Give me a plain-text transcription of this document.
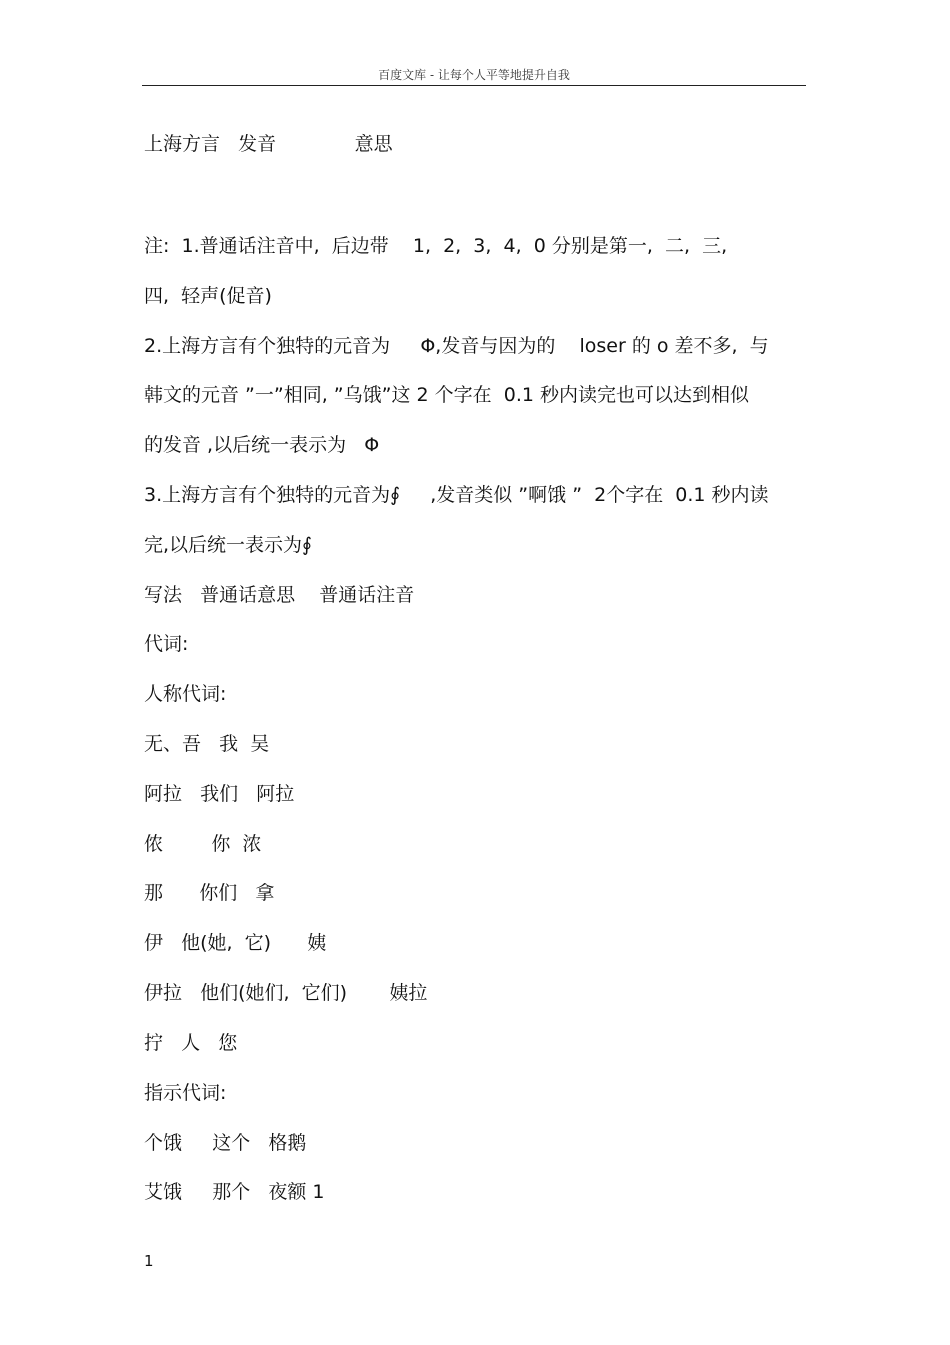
百度文库 - 让每个人平等地提升自我
上海方言   发音             意思
注:  1.普通话注音中,  后边带    1,  2,  3,  4,  0 分别是第一,  二,  三,
四,  轻声(促音)
2.上海方言有个独特的元音为     Φ,发音与因为的    loser 的 o 差不多,  与
韩文的元音 ”一”相同, ”乌饿”这 2 个字在  0.1 秒内读完也可以达到相似
的发音 ,以后统一表示为   Φ
3.上海方言有个独特的元音为∮     ,发音类似 ”啊饿 ”  2个字在  0.1 秒内读
完,以后统一表示为∮
写法   普通话意思    普通话注音
代词:
人称代词:
无、吾   我  吴
阿拉   我们   阿拉
侬        你  浓
那      你们   拿
伊   他(她,  它)      姨
伊拉   他们(她们,  它们)       姨拉
拧   人   您
指示代词:
个饿     这个   格鹅
艾饿     那个   夜额 1
1
